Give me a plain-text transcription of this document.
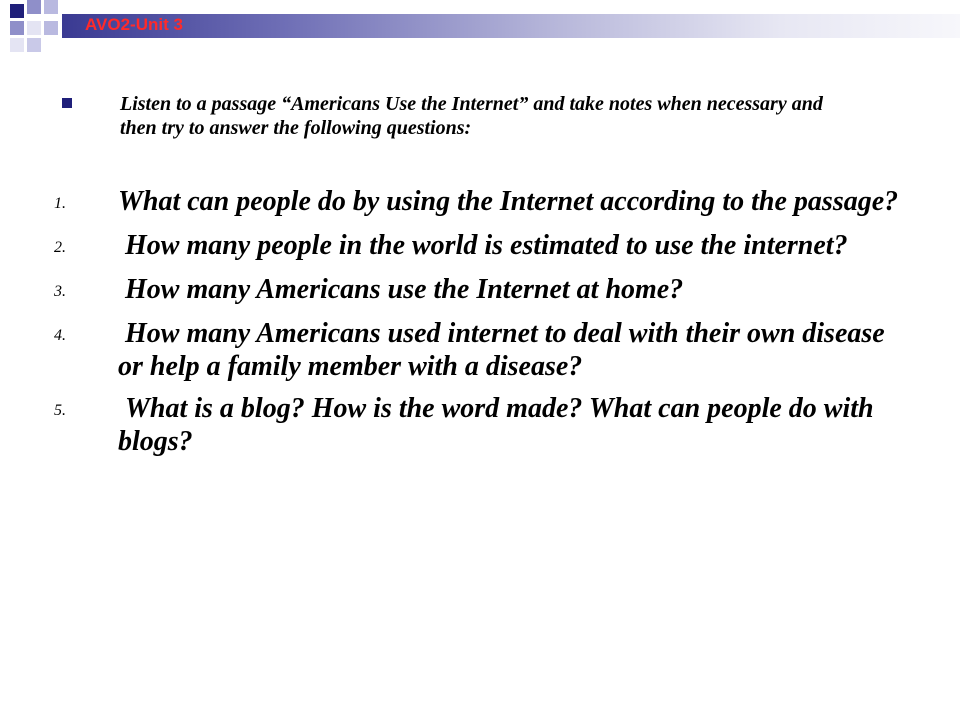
AVO2-Unit 3
Listen to a passage “Americans Use the Internet” and take notes when necessary and then try to answer the following questions:
1.	What can people do by using the Internet according to the passage?
2.	How many people in the world is estimated to use the internet?
3.	How many Americans use the Internet at home?
4.	How many Americans used internet to deal with their own disease or help a family member with a disease?
5.	What is a blog? How is the word made? What can people do with blogs?
